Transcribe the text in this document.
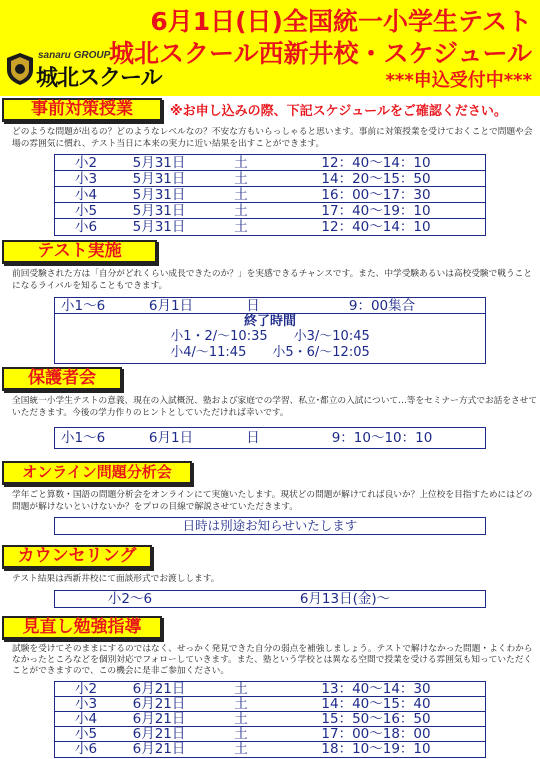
sanaru GROUP
城北スクール
6月1日(日)全国統一小学生テスト
城北スクール西新井校・スケジュール
***申込受付中***
事前対策授業	※お申し込みの際、下記スケジュールをご確認ください。
どのような問題が出るの？どのようなレベルなの？不安な方もいらっしゃると思います。事前に対策授業を受けておくことで問題や会場の雰囲気に慣れ、テスト当日に本来の実力に近い結果を出すことができます。
小2	5月31日	土	12：40～14：10
小3	5月31日	土	14：20～15：50
小4	5月31日	土	16：00～17：30
小5	5月31日	土	17：40～19：10
小6	5月31日	土	12：40～14：10
テスト実施
前回受験された方は「自分がどれくらい成長できたのか？」を実感できるチャンスです。また、中学受験あるいは高校受験で戦うことになるライバルを知ることもできます。
小1～6	6月1日	日	9：00集合
終了時間
小1・2/～10:35　　小3/～10:45
小4/～11:45　　小5・6/～12:05
保護者会
全国統一小学生テストの意義、現在の入試概況、塾および家庭での学習、私立･都立の入試について…等をセミナー方式でお話をさせていただきます。今後の学力作りのヒントとしていただければ幸いです。
小1～6	6月1日	日	9：10～10：10
オンライン問題分析会
学年ごと算数・国語の問題分析会をオンラインにて実施いたします。現状どの問題が解けてれば良いか？上位校を目指すためにはどの問題が解けないといけないか？をプロの目線で解説させていただきます。
日時は別途お知らせいたします
カウンセリング
テスト結果は西新井校にて面談形式でお渡しします。
小2～6	6月13日(金)～
見直し勉強指導
試験を受けてそのままにするのではなく、せっかく発見できた自分の弱点を補強しましょう。テストで解けなかった問題・よくわからなかったところなどを個別対応でフォローしていきます。また、塾という学校とは異なる空間で授業を受ける雰囲気も知っていただくことができますので、この機会に是非ご参加ください。
小2	6月21日	土	13：40～14：30
小3	6月21日	土	14：40～15：40
小4	6月21日	土	15：50～16：50
小5	6月21日	土	17：00～18：00
小6	6月21日	土	18：10～19：10
